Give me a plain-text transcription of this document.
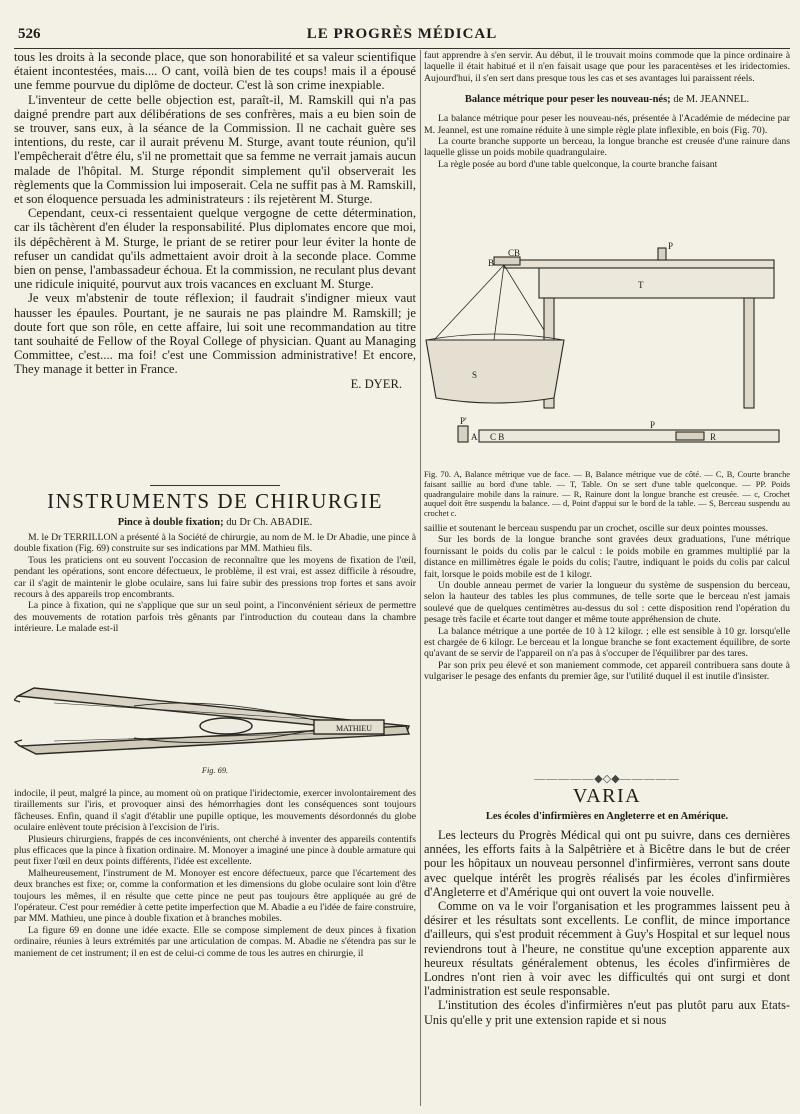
526	LE PROGRÈS MÉDICAL

tous les droits à la seconde place, que son honorabilité et sa valeur scientifique étaient incontestées, mais.... O cant, voilà bien de tes coups! mais il a épousé une femme pourvue du diplôme de docteur. C'est là son crime inexpiable.

L'inventeur de cette belle objection est, paraît-il, M. Ramskill qui n'a pas daigné prendre part aux délibérations de ses confrères, mais a eu bien soin de se trouver, sans eux, à la séance de la Commission. Il ne cachait guère ses intentions, du reste, car il aurait prévenu M. Sturge, avant toute réunion, qu'il l'empêcherait d'être élu, s'il ne promettait que sa femme ne verrait jamais aucun malade de l'hôpital. M. Sturge répondit simplement qu'il observerait les règlements que la Commission lui imposerait. Cela ne suffit pas à M. Ramskill, et son éloquence persuada les administrateurs : ils rejetèrent M. Sturge.

Cependant, ceux-ci ressentaient quelque vergogne de cette détermination, car ils tâchèrent d'en éluder la responsabilité. Plus diplomates encore que moi, ils dépêchèrent à M. Sturge, le priant de se retirer pour leur éviter la honte de refuser un candidat qu'ils admettaient avoir droit à la seconde place. Comme bien on pense, l'ambassadeur échoua. Et la commission, ne reculant plus devant une ridicule iniquité, pourvut aux trois vacances en excluant M. Sturge.

Je veux m'abstenir de toute réflexion; il faudrait s'indigner mieux vaut hausser les épaules. Pourtant, je ne saurais ne pas plaindre M. Ramskill; je doute fort que son rôle, en cette affaire, lui soit une recommandation au titre tant souhaité de Fellow of the Royal College of physician. Quant au Managing Committee, c'est.... ma foi! c'est une Commission administrative! Et encore, They manage it better in France.

E. DYER.

INSTRUMENTS DE CHIRURGIE
Pince à double fixation; du Dr Ch. ABADIE.

M. le Dr TERRILLON a présenté à la Société de chirurgie, au nom de M. le Dr Abadie, une pince à double fixation (Fig. 69) construite sur ses indications par MM. Mathieu fils.

Tous les praticiens ont eu souvent l'occasion de reconnaître que les moyens de fixation de l'œil, pendant les opérations, sont encore défectueux, le problème, il est vrai, est assez difficile à résoudre, car il s'agit de maintenir le globe oculaire, sans lui faire subir des pressions trop fortes et sans avoir recours à des appareils trop encombrants.

La pince à fixation, qui ne s'applique que sur un seul point, a l'inconvénient sérieux de permettre des mouvements de rotation parfois très gênants par l'introduction du couteau dans la chambre intérieure. Le malade est-il

MATHIEU

Fig. 69.

indocile, il peut, malgré la pince, au moment où on pratique l'iridectomie, exercer involontairement des tiraillements sur l'iris, et provoquer ainsi des hémorrhagies dont les conséquences sont toujours fâcheuses. Enfin, quand il s'agit d'établir une pupille optique, les mouvements désordonnés du globe oculaire enlèvent toute précision à l'excision de l'iris.

Plusieurs chirurgiens, frappés de ces inconvénients, ont cherché à inventer des appareils contentifs plus efficaces que la pince à fixation ordinaire. M. Monoyer a imaginé une pince à double armature qui peut fixer l'œil en deux points différents, l'idée est excellente.

Malheureusement, l'instrument de M. Monoyer est encore défectueux, parce que l'écartement des deux branches est fixe; or, comme la conformation et les dimensions du globe oculaire sont loin d'être toujours les mêmes, il en résulte que cette pince ne peut pas toujours être appliquée au gré de l'opérateur. C'est pour remédier à cette petite imperfection que M. Abadie a eu l'idée de faire construire, par MM. Mathieu, une pince à double fixation et à branches mobiles.

La figure 69 en donne une idée exacte. Elle se compose simplement de deux pinces à fixation ordinaire, réunies à leurs extrémités par une articulation de compas. M. Abadie ne s'étendra pas sur le maniement de cet instrument; il en est de celui-ci comme de tous les autres en chirurgie, il

faut apprendre à s'en servir. Au début, il le trouvait moins commode que la pince ordinaire à laquelle il était habitué et il n'en faisait usage que pour les paracentèses et les iridectomies. Aujourd'hui, il s'en sert dans presque tous les cas et ses avantages lui paraissent réels.

Balance métrique pour peser les nouveau-nés; de M. JEANNEL.

La balance métrique pour peser les nouveau-nés, présentée à l'Académie de médecine par M. Jeannel, est une romaine réduite à une simple règle plate inflexible, en bois (Fig. 70).

La courte branche supporte un berceau, la longue branche est creusée d'une rainure dans laquelle glisse un poids mobile quadrangulaire.

La règle posée au bord d'une table quelconque, la courte branche faisant

CB
B
P
T
S
P'
A C B
P
R

Fig. 70. A, Balance métrique vue de face. — B, Balance métrique vue de côté. — C, B, Courte branche faisant saillie au bord d'une table. — T, Table. On se sert d'une table quelconque. — PP. Poids quadrangulaire mobile dans la rainure. — R, Rainure dont la longue branche est creusée. — c, Crochet auquel doit être suspendu la balance. — d, Point d'appui sur le bord de la table. — S, Berceau suspendu au crochet c.

saillie et soutenant le berceau suspendu par un crochet, oscille sur deux pointes mousses.

Sur les bords de la longue branche sont gravées deux graduations, l'une métrique fournissant le poids du colis par le calcul : le poids mobile en grammes multiplié par la distance en millimètres égale le poids du colis; l'autre, indiquant le poids du colis par calcul fait, lorsque le poids mobile est de 1 kilogr.

Un double anneau permet de varier la longueur du système de suspension du berceau, selon la hauteur des tables les plus communes, de telle sorte que le berceau n'est jamais soulevé que de quelques centimètres au-dessus du sol : cette disposition rend l'opération du pesage très facile et écarte tout danger et même toute appréhension de chute.

La balance métrique a une portée de 10 à 12 kilogr. ; elle est sensible à 10 gr. lorsqu'elle est chargée de 6 kilogr. Le berceau et la longue branche se font exactement équilibre, de sorte qu'avant de se servir de l'appareil on n'a pas à s'occuper de l'équilibrer par des tares.

Par son prix peu élevé et son maniement commode, cet appareil contribuera sans doute à vulgariser le pesage des enfants du premier âge, sur l'utilité duquel il est inutile d'insister.

—————◆◇◆—————
VARIA
Les écoles d'infirmières en Angleterre et en Amérique.

Les lecteurs du Progrès Médical qui ont pu suivre, dans ces dernières années, les efforts faits à la Salpêtrière et à Bicêtre dans le but de créer pour les hôpitaux un nouveau personnel d'infirmières, verront sans doute avec quelque intérêt les progrès réalisés par les écoles d'infirmières d'Angleterre et d'Amérique qui ont ouvert la voie nouvelle.

Comme on va le voir l'organisation et les programmes laissent peu à désirer et les résultats sont excellents. Le conflit, de mince importance d'ailleurs, qui s'est produit récemment à Guy's Hospital et sur lequel nous reviendrons tout à l'heure, ne constitue qu'une exception apparente aux heureux résultats généralement obtenus, les écoles d'infirmières de Londres n'ont rien à voir avec les difficultés qui ont surgi et dont l'administration est seule responsable.

L'institution des écoles d'infirmières n'eut pas plutôt paru aux Etats-Unis qu'elle y prit une extension rapide et si nous
